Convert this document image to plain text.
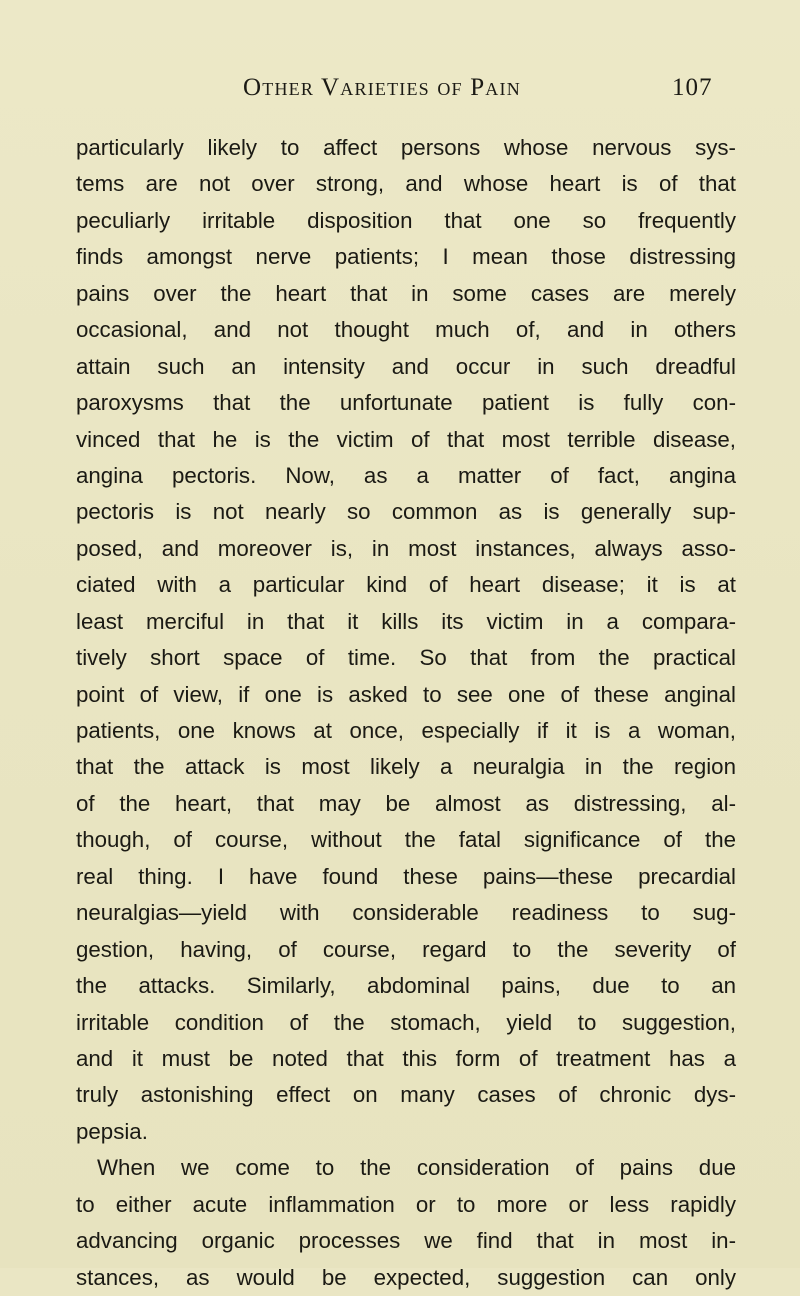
Other Varieties of Pain	107
particularly likely to affect persons whose nervous sys-
tems are not over strong, and whose heart is of that
peculiarly irritable disposition that one so frequently
finds amongst nerve patients; I mean those distressing
pains over the heart that in some cases are merely
occasional, and not thought much of, and in others
attain such an intensity and occur in such dreadful
paroxysms that the unfortunate patient is fully con-
vinced that he is the victim of that most terrible disease,
angina pectoris. Now, as a matter of fact, angina
pectoris is not nearly so common as is generally sup-
posed, and moreover is, in most instances, always asso-
ciated with a particular kind of heart disease; it is at
least merciful in that it kills its victim in a compara-
tively short space of time. So that from the practical
point of view, if one is asked to see one of these anginal
patients, one knows at once, especially if it is a woman,
that the attack is most likely a neuralgia in the region
of the heart, that may be almost as distressing, al-
though, of course, without the fatal significance of the
real thing. I have found these pains—these precardial
neuralgias—yield with considerable readiness to sug-
gestion, having, of course, regard to the severity of
the attacks. Similarly, abdominal pains, due to an
irritable condition of the stomach, yield to suggestion,
and it must be noted that this form of treatment has a
truly astonishing effect on many cases of chronic dys-
pepsia.
When we come to the consideration of pains due
to either acute inflammation or to more or less rapidly
advancing organic processes we find that in most in-
stances, as would be expected, suggestion can only
